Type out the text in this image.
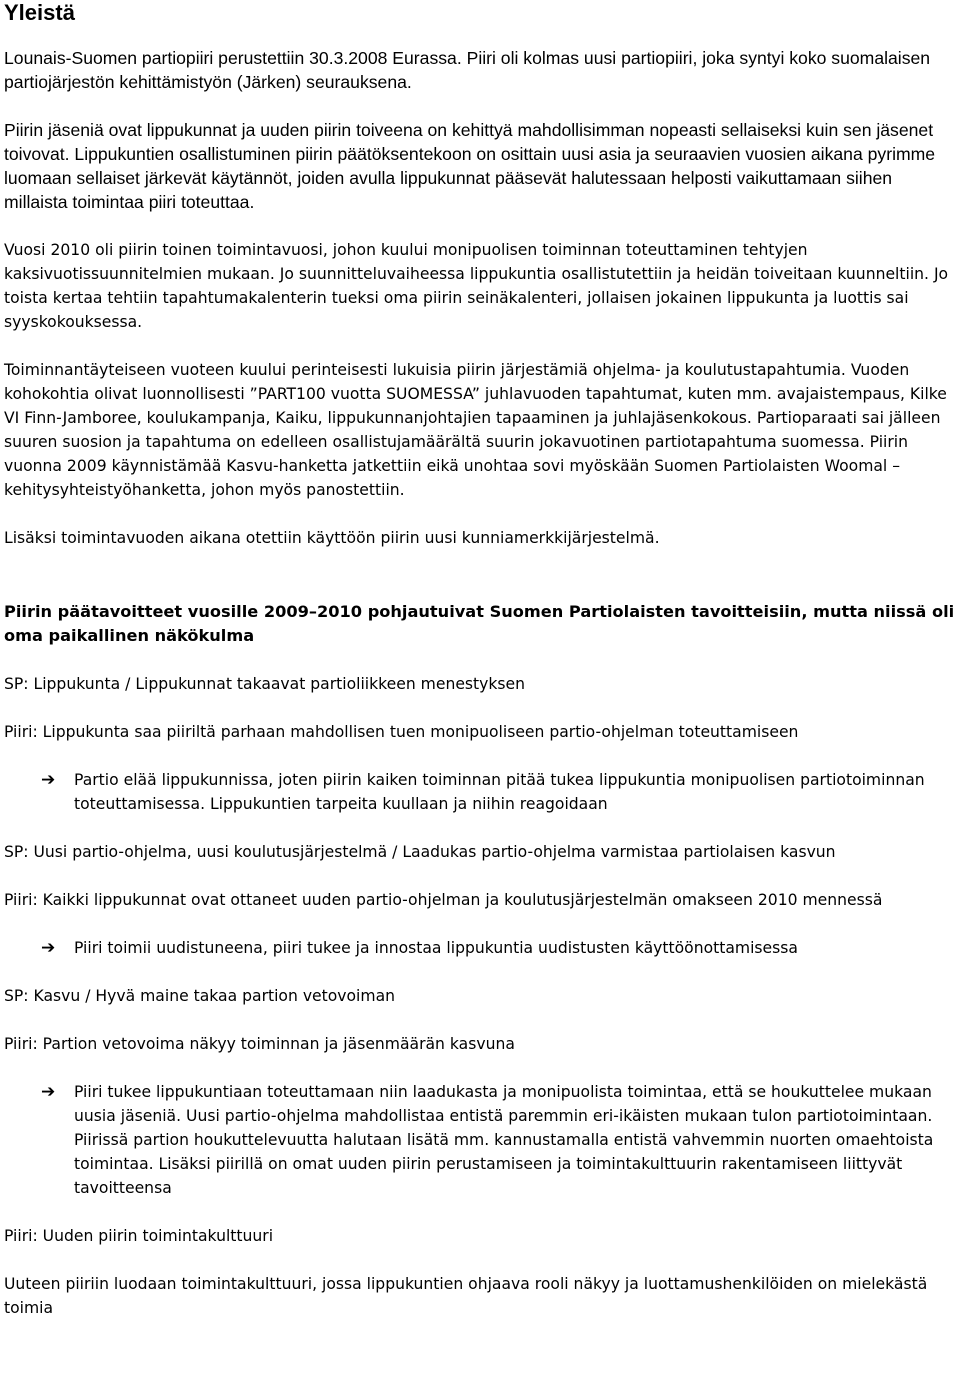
Yleistä

Lounais-Suomen partiopiiri perustettiin 30.3.2008 Eurassa. Piiri oli kolmas uusi partiopiiri, joka syntyi koko suomalaisen partiojärjestön kehittämistyön (Järken) seurauksena.

Piirin jäseniä ovat lippukunnat ja uuden piirin toiveena on kehittyä mahdollisimman nopeasti sellaiseksi kuin sen jäsenet toivovat. Lippukuntien osallistuminen piirin päätöksentekoon on osittain uusi asia ja seuraavien vuosien aikana pyrimme luomaan sellaiset järkevät käytännöt, joiden avulla lippukunnat pääsevät halutessaan helposti vaikuttamaan siihen millaista toimintaa piiri toteuttaa.

Vuosi 2010 oli piirin toinen toimintavuosi, johon kuului monipuolisen toiminnan toteuttaminen tehtyjen kaksivuotissuunnitelmien mukaan. Jo suunnitteluvaiheessa lippukuntia osallistutettiin ja heidän toiveitaan kuunneltiin. Jo toista kertaa tehtiin tapahtumakalenterin tueksi oma piirin seinäkalenteri, jollaisen jokainen lippukunta ja luottis sai syyskokouksessa.

Toiminnantäyteiseen vuoteen kuului perinteisesti lukuisia piirin järjestämiä ohjelma- ja koulutustapahtumia. Vuoden kohokohtia olivat luonnollisesti ”PART100 vuotta SUOMESSA” juhlavuoden tapahtumat, kuten mm. avajaistempaus, Kilke VI Finn-Jamboree, koulukampanja, Kaiku, lippukunnanjohtajien tapaaminen ja juhlajäsenkokous. Partioparaati sai jälleen suuren suosion ja tapahtuma on edelleen osallistujamäärältä suurin jokavuotinen partiotapahtuma suomessa. Piirin vuonna 2009 käynnistämää Kasvu-hanketta jatkettiin eikä unohtaa sovi myöskään Suomen Partiolaisten Woomal –kehitysyhteistyöhanketta, johon myös panostettiin.

Lisäksi toimintavuoden aikana otettiin käyttöön piirin uusi kunniamerkkijärjestelmä.

Piirin päätavoitteet vuosille 2009–2010 pohjautuivat Suomen Partiolaisten tavoitteisiin, mutta niissä oli oma paikallinen näkökulma

SP: Lippukunta / Lippukunnat takaavat partioliikkeen menestyksen

Piiri: Lippukunta saa piiriltä parhaan mahdollisen tuen monipuoliseen partio-ohjelman toteuttamiseen

➔ Partio elää lippukunnissa, joten piirin kaiken toiminnan pitää tukea lippukuntia monipuolisen partiotoiminnan toteuttamisessa. Lippukuntien tarpeita kuullaan ja niihin reagoidaan

SP: Uusi partio-ohjelma, uusi koulutusjärjestelmä / Laadukas partio-ohjelma varmistaa partiolaisen kasvun

Piiri: Kaikki lippukunnat ovat ottaneet uuden partio-ohjelman ja koulutusjärjestelmän omakseen 2010 mennessä

➔ Piiri toimii uudistuneena, piiri tukee ja innostaa lippukuntia uudistusten käyttöönottamisessa

SP: Kasvu / Hyvä maine takaa partion vetovoiman

Piiri: Partion vetovoima näkyy toiminnan ja jäsenmäärän kasvuna

➔ Piiri tukee lippukuntiaan toteuttamaan niin laadukasta ja monipuolista toimintaa, että se houkuttelee mukaan uusia jäseniä. Uusi partio-ohjelma mahdollistaa entistä paremmin eri-ikäisten mukaan tulon partiotoimintaan. Piirissä partion houkuttelevuutta halutaan lisätä mm. kannustamalla entistä vahvemmin nuorten omaehtoista toimintaa. Lisäksi piirillä on omat uuden piirin perustamiseen ja toimintakulttuurin rakentamiseen liittyvät tavoitteensa

Piiri: Uuden piirin toimintakulttuuri

Uuteen piiriin luodaan toimintakulttuuri, jossa lippukuntien ohjaava rooli näkyy ja luottamushenkilöiden on mielekästä toimia
